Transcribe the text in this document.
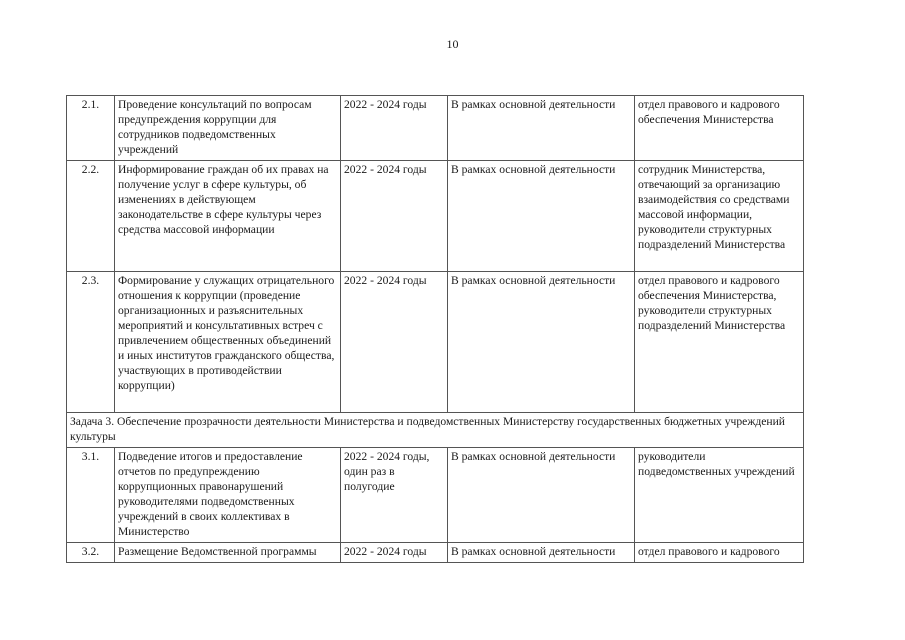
10
2.1.	Проведение консультаций по вопросам предупреждения коррупции для сотрудников подведомственных учреждений	2022 - 2024 годы	В рамках основной деятельности	отдел правового и кадрового обеспечения Министерства
2.2.	Информирование граждан об их правах на получение услуг в сфере культуры, об изменениях в действующем законодательстве в сфере культуры через средства массовой информации	2022 - 2024 годы	В рамках основной деятельности	сотрудник Министерства, отвечающий за организацию взаимодействия со средствами массовой информации, руководители структурных подразделений Министерства
2.3.	Формирование у служащих отрицательного отношения к коррупции (проведение организационных и разъяснительных мероприятий и консультативных встреч с привлечением общественных объединений и иных институтов гражданского общества, участвующих в противодействии коррупции)	2022 - 2024 годы	В рамках основной деятельности	отдел правового и кадрового обеспечения Министерства, руководители структурных подразделений Министерства
Задача 3. Обеспечение прозрачности деятельности Министерства и подведомственных Министерству государственных бюджетных учреждений культуры				
3.1.	Подведение итогов и предоставление отчетов по предупреждению коррупционных правонарушений руководителями подведомственных учреждений в своих коллективах в Министерство	2022 - 2024 годы, один раз в полугодие	В рамках основной деятельности	руководители подведомственных учреждений
3.2.	Размещение Ведомственной программы	2022 - 2024 годы	В рамках основной деятельности	отдел правового и кадрового
